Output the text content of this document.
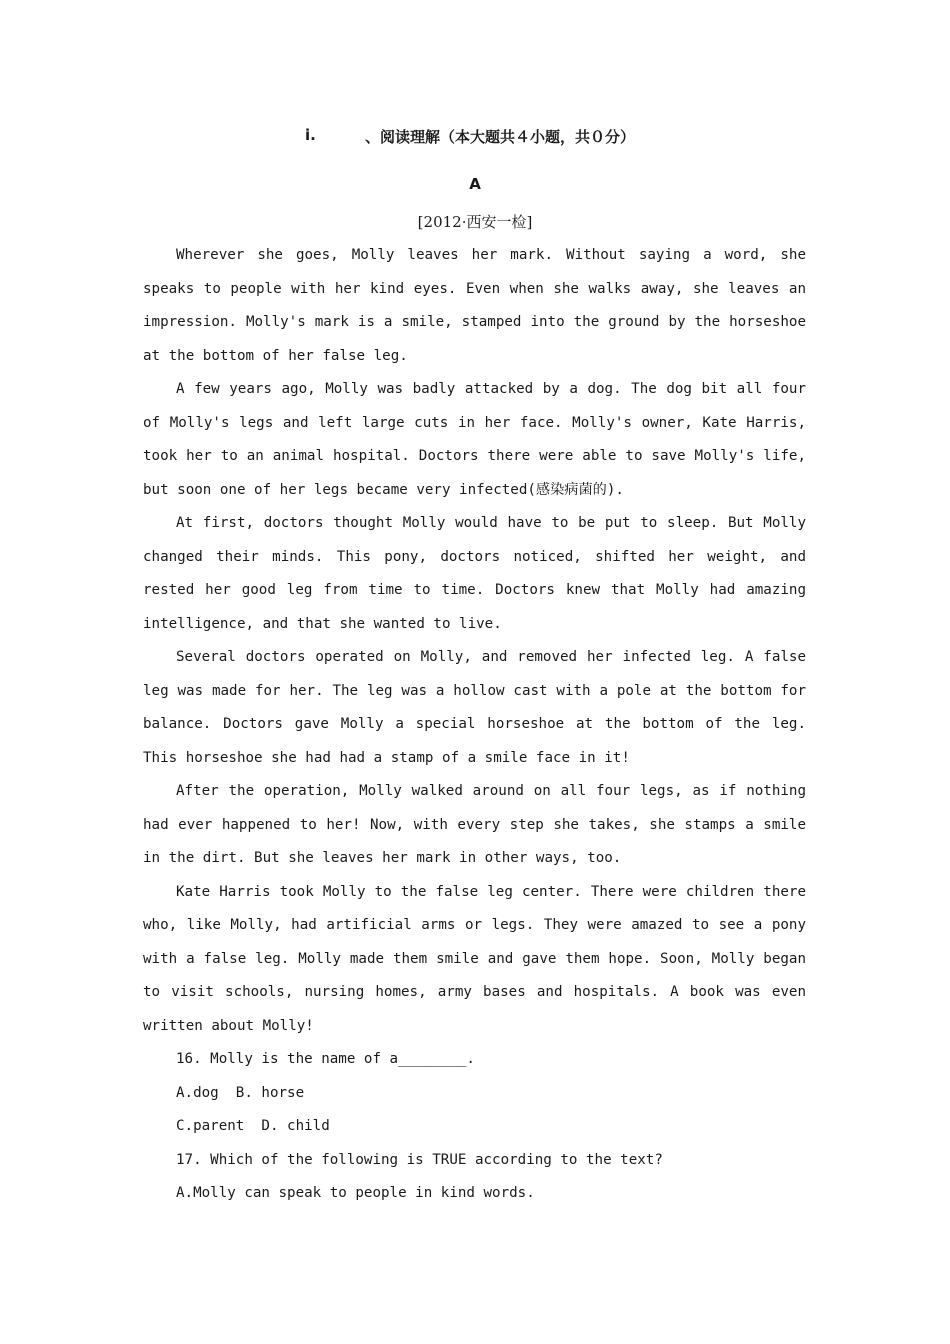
i.	、阅读理解（本大题共４小题，共０分）
A
[2012·西安一检]

Wherever she goes, Molly leaves her mark. Without saying a word, she speaks to people with her kind eyes. Even when she walks away, she leaves an impression. Molly's mark is a smile, stamped into the ground by the horseshoe at the bottom of her false leg.

A few years ago, Molly was badly attacked by a dog. The dog bit all four of Molly's legs and left large cuts in her face. Molly's owner, Kate Harris, took her to an animal hospital. Doctors there were able to save Molly's life, but soon one of her legs became very infected(感染病菌的).

At first, doctors thought Molly would have to be put to sleep. But Molly changed their minds. This pony, doctors noticed, shifted her weight, and rested her good leg from time to time. Doctors knew that Molly had amazing intelligence, and that she wanted to live.

Several doctors operated on Molly, and removed her infected leg. A false leg was made for her. The leg was a hollow cast with a pole at the bottom for balance. Doctors gave Molly a special horseshoe at the bottom of the leg. This horseshoe she had had a stamp of a smile face in it!

After the operation, Molly walked around on all four legs, as if nothing had ever happened to her! Now, with every step she takes, she stamps a smile in the dirt. But she leaves her mark in other ways, too.

Kate Harris took Molly to the false leg center. There were children there who, like Molly, had artificial arms or legs. They were amazed to see a pony with a false leg. Molly made them smile and gave them hope. Soon, Molly began to visit schools, nursing homes, army bases and hospitals. A book was even written about Molly!

16. Molly is the name of a________.

A.dog  B. horse

C.parent  D. child

17. Which of the following is TRUE according to the text?

A.Molly can speak to people in kind words.
